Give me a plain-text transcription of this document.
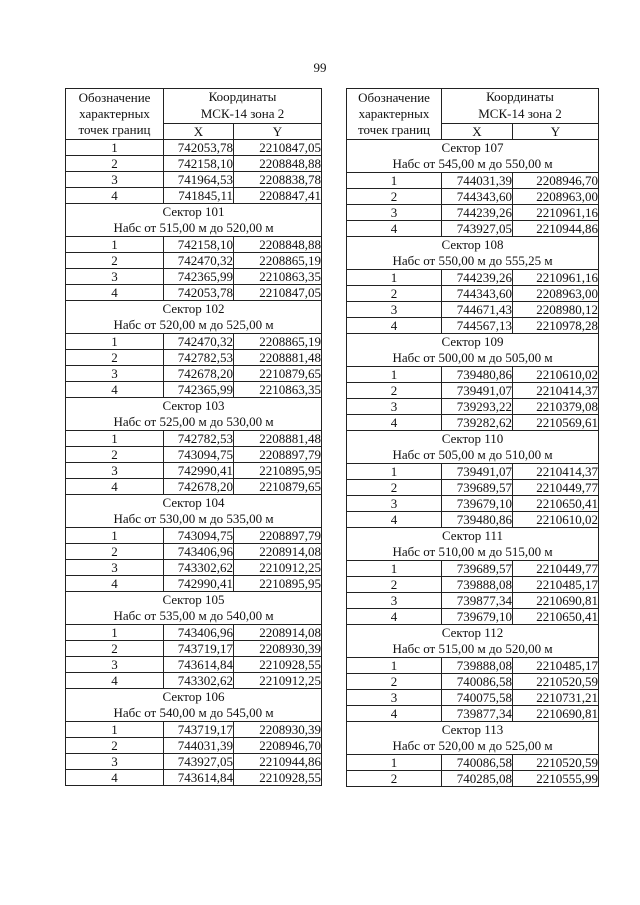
99
Обозначение
характерных
точек границ	Координаты
МСК-14 зона 2	
	X	Y
1	742053,78	2210847,05
2	742158,10	2208848,88
3	741964,53	2208838,78
4	741845,11	2208847,41
Сектор 101		
Набс от 515,00 м до 520,00 м		
1	742158,10	2208848,88
2	742470,32	2208865,19
3	742365,99	2210863,35
4	742053,78	2210847,05
Сектор 102		
Набс от 520,00 м до 525,00 м		
1	742470,32	2208865,19
2	742782,53	2208881,48
3	742678,20	2210879,65
4	742365,99	2210863,35
Сектор 103		
Набс от 525,00 м до 530,00 м		
1	742782,53	2208881,48
2	743094,75	2208897,79
3	742990,41	2210895,95
4	742678,20	2210879,65
Сектор 104		
Набс от 530,00 м до 535,00 м		
1	743094,75	2208897,79
2	743406,96	2208914,08
3	743302,62	2210912,25
4	742990,41	2210895,95
Сектор 105		
Набс от 535,00 м до 540,00 м		
1	743406,96	2208914,08
2	743719,17	2208930,39
3	743614,84	2210928,55
4	743302,62	2210912,25
Сектор 106		
Набс от 540,00 м до 545,00 м		
1	743719,17	2208930,39
2	744031,39	2208946,70
3	743927,05	2210944,86
4	743614,84	2210928,55
Обозначение
характерных
точек границ	Координаты
МСК-14 зона 2	
	X	Y
Сектор 107		
Набс от 545,00 м до 550,00 м		
1	744031,39	2208946,70
2	744343,60	2208963,00
3	744239,26	2210961,16
4	743927,05	2210944,86
Сектор 108		
Набс от 550,00 м до 555,25 м		
1	744239,26	2210961,16
2	744343,60	2208963,00
3	744671,43	2208980,12
4	744567,13	2210978,28
Сектор 109		
Набс от 500,00 м до 505,00 м		
1	739480,86	2210610,02
2	739491,07	2210414,37
3	739293,22	2210379,08
4	739282,62	2210569,61
Сектор 110		
Набс от 505,00 м до 510,00 м		
1	739491,07	2210414,37
2	739689,57	2210449,77
3	739679,10	2210650,41
4	739480,86	2210610,02
Сектор 111		
Набс от 510,00 м до 515,00 м		
1	739689,57	2210449,77
2	739888,08	2210485,17
3	739877,34	2210690,81
4	739679,10	2210650,41
Сектор 112		
Набс от 515,00 м до 520,00 м		
1	739888,08	2210485,17
2	740086,58	2210520,59
3	740075,58	2210731,21
4	739877,34	2210690,81
Сектор 113		
Набс от 520,00 м до 525,00 м		
1	740086,58	2210520,59
2	740285,08	2210555,99
